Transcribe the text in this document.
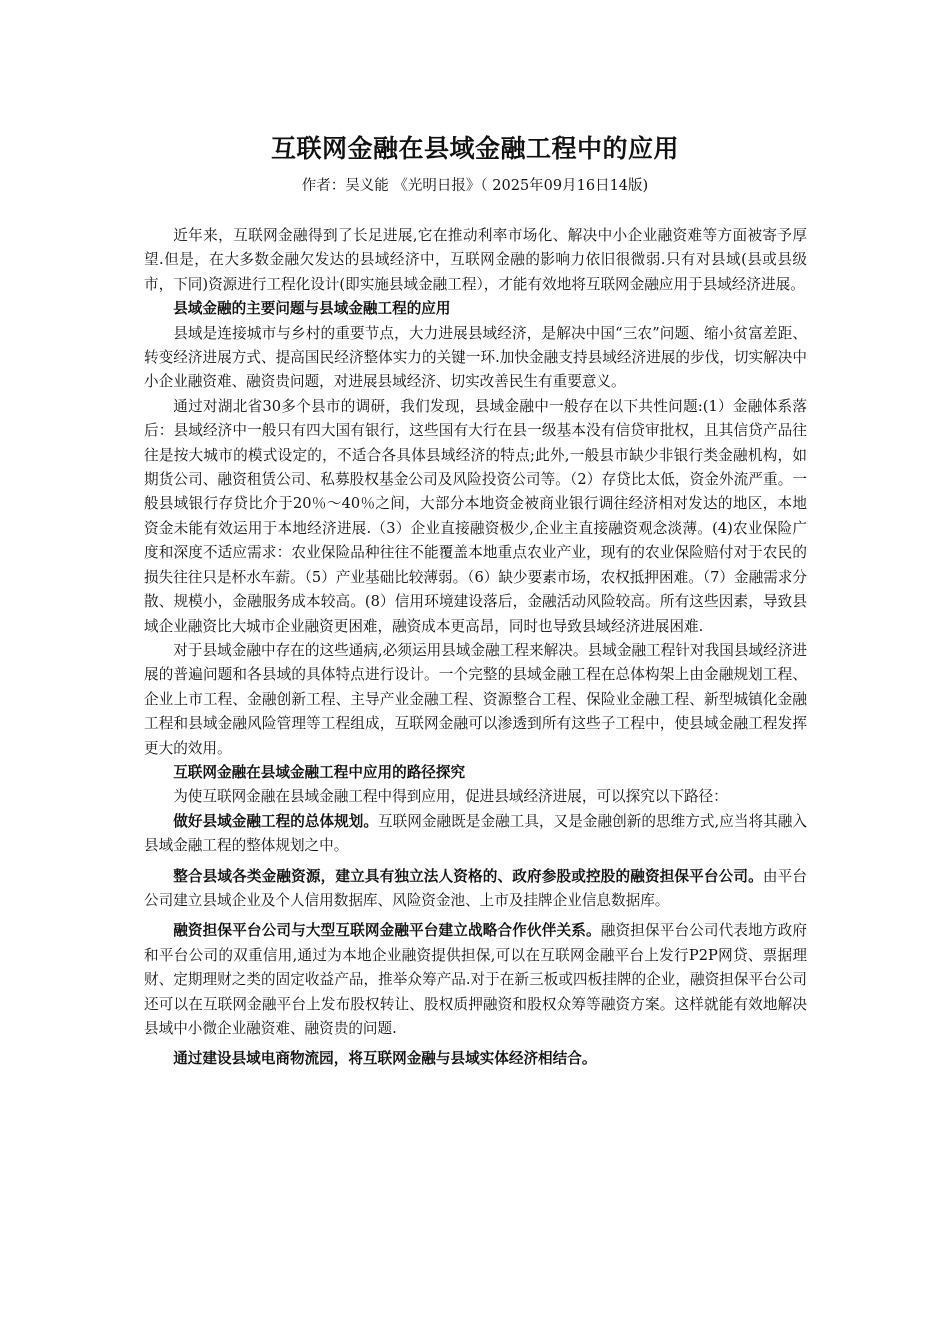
互联网金融在县域金融工程中的应用
作者：吴义能 《光明日报》（ 2025年09月16日14版)

近年来，互联网金融得到了长足进展,它在推动利率市场化、解决中小企业融资难等方面被寄予厚望.但是，在大多数金融欠发达的县域经济中，互联网金融的影响力依旧很微弱.只有对县域(县或县级市，下同)资源进行工程化设计(即实施县域金融工程），才能有效地将互联网金融应用于县域经济进展。

县域金融的主要问题与县域金融工程的应用

县域是连接城市与乡村的重要节点，大力进展县域经济，是解决中国“三农”问题、缩小贫富差距、转变经济进展方式、提高国民经济整体实力的关键一环.加快金融支持县域经济进展的步伐，切实解决中小企业融资难、融资贵问题，对进展县域经济、切实改善民生有重要意义。

通过对湖北省30多个县市的调研，我们发现，县域金融中一般存在以下共性问题:(1）金融体系落后：县域经济中一般只有四大国有银行，这些国有大行在县一级基本没有信贷审批权，且其信贷产品往往是按大城市的模式设定的，不适合各具体县域经济的特点;此外,一般县市缺少非银行类金融机构，如期货公司、融资租赁公司、私募股权基金公司及风险投资公司等。（2）存贷比太低，资金外流严重。一般县域银行存贷比介于20％～40％之间，大部分本地资金被商业银行调往经济相对发达的地区，本地资金未能有效运用于本地经济进展.（3）企业直接融资极少,企业主直接融资观念淡薄。(4)农业保险广度和深度不适应需求：农业保险品种往往不能覆盖本地重点农业产业，现有的农业保险赔付对于农民的损失往往只是杯水车薪。（5）产业基础比较薄弱。（6）缺少要素市场，农权抵押困难。（7）金融需求分散、规模小，金融服务成本较高。(8）信用环境建设落后，金融活动风险较高。所有这些因素，导致县域企业融资比大城市企业融资更困难，融资成本更高昂，同时也导致县域经济进展困难.

对于县域金融中存在的这些通病,必须运用县域金融工程来解决。县域金融工程针对我国县域经济进展的普遍问题和各县域的具体特点进行设计。一个完整的县域金融工程在总体构架上由金融规划工程、企业上市工程、金融创新工程、主导产业金融工程、资源整合工程、保险业金融工程、新型城镇化金融工程和县域金融风险管理等工程组成，互联网金融可以渗透到所有这些子工程中，使县域金融工程发挥更大的效用。

互联网金融在县域金融工程中应用的路径探究

为使互联网金融在县域金融工程中得到应用，促进县域经济进展，可以探究以下路径：

做好县域金融工程的总体规划。互联网金融既是金融工具，又是金融创新的思维方式,应当将其融入县域金融工程的整体规划之中。

整合县域各类金融资源，建立具有独立法人资格的、政府参股或控股的融资担保平台公司。由平台公司建立县域企业及个人信用数据库、风险资金池、上市及挂牌企业信息数据库。

融资担保平台公司与大型互联网金融平台建立战略合作伙伴关系。融资担保平台公司代表地方政府和平台公司的双重信用,通过为本地企业融资提供担保,可以在互联网金融平台上发行P2P网贷、票据理财、定期理财之类的固定收益产品，推举众筹产品.对于在新三板或四板挂牌的企业，融资担保平台公司还可以在互联网金融平台上发布股权转让、股权质押融资和股权众筹等融资方案。这样就能有效地解决县域中小微企业融资难、融资贵的问题.

通过建设县域电商物流园，将互联网金融与县域实体经济相结合。
